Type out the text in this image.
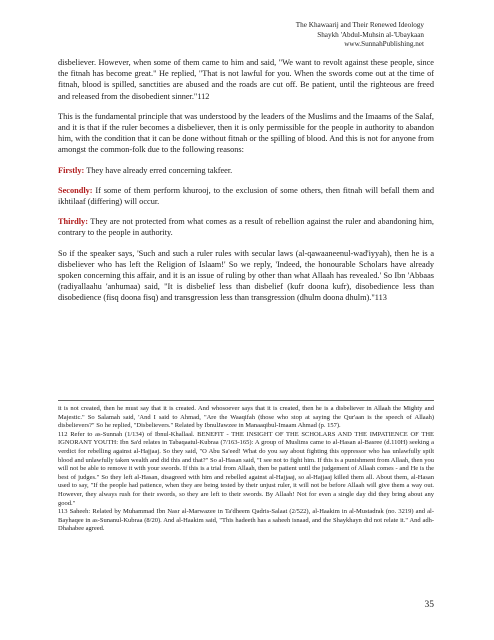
The Khawaarij and Their Renewed Ideology
Shaykh 'Abdul-Muhsin al-'Ubaykaan
www.SunnahPublishing.net

disbeliever. However, when some of them came to him and said, "We want to revolt against these people, since the fitnah has become great." He replied, "That is not lawful for you. When the swords come out at the time of fitnah, blood is spilled, sanctities are abused and the roads are cut off. Be patient, until the righteous are freed and released from the disobedient sinner."112

This is the fundamental principle that was understood by the leaders of the Muslims and the Imaams of the Salaf, and it is that if the ruler becomes a disbeliever, then it is only permissible for the people in authority to abandon him, with the condition that it can be done without fitnah or the spilling of blood. And this is not for anyone from amongst the common-folk due to the following reasons:

Firstly: They have already erred concerning takfeer.

Secondly: If some of them perform khurooj, to the exclusion of some others, then fitnah will befall them and ikhtilaaf (differing) will occur.

Thirdly: They are not protected from what comes as a result of rebellion against the ruler and abandoning him, contrary to the people in authority.

So if the speaker says, 'Such and such a ruler rules with secular laws (al-qawaaneenul-wad'iyyah), then he is a disbeliever who has left the Religion of Islaam!' So we reply, 'Indeed, the honourable Scholars have already spoken concerning this affair, and it is an issue of ruling by other than what Allaah has revealed.' So Ibn 'Abbaas (radiyallaahu 'anhumaa) said, "It is disbelief less than disbelief (kufr doona kufr), disobedience less than disobedience (fisq doona fisq) and transgression less than transgression (dhulm doona dhulm)."113

it is not created, then he must say that it is created. And whosoever says that it is created, then he is a disbeliever in Allaah the Mighty and Majestic." So Salamah said, 'And I said to Ahmad, "Are the Waaqifah (those who stop at saying the Qur'aan is the speech of Allaah) disbelievers?" So he replied, "Disbelievers." Related by IbnulJawzee in Manaaqibul-Imaam Ahmad (p. 157).

112 Refer to as-Sunnah (1/134) of Ibnul-Khallaal. BENEFIT - THE INSIGHT OF THE SCHOLARS AND THE IMPATIENCE OF THE IGNORANT YOUTH: Ibn Sa'd relates in Tabaqaatul-Kubraa (7/163-165): A group of Muslims came to al-Hasan al-Basree (d.110H) seeking a verdict for rebelling against al-Hajjaaj. So they said, "O Abu Sa'eed! What do you say about fighting this oppressor who has unlawfully spilt blood and unlawfully taken wealth and did this and that?" So al-Hasan said, "I see not to fight him. If this is a punishment from Allaah, then you will not be able to remove it with your swords. If this is a trial from Allaah, then be patient until the judgement of Allaah comes - and He is the best of judges." So they left al-Hasan, disagreed with him and rebelled against al-Hajjaaj, so al-Hajjaaj killed them all. About them, al-Hasan used to say, "If the people had patience, when they are being tested by their unjust ruler, it will not be before Allaah will give them a way out. However, they always rush for their swords, so they are left to their swords. By Allaah! Not for even a single day did they bring about any good."

113 Saheeh: Related by Muhammad Ibn Nasr al-Marwazee in Ta'dheem Qadris-Salaat (2/522), al-Haakim in al-Mustadrak (no. 3219) and al-Bayhaqee in as-Sunanul-Kubraa (8/20). And al-Haakim said, "This hadeeth has a saheeh isnaad, and the Shaykhayn did not relate it." And adh-Dhahabee agreed.

35
